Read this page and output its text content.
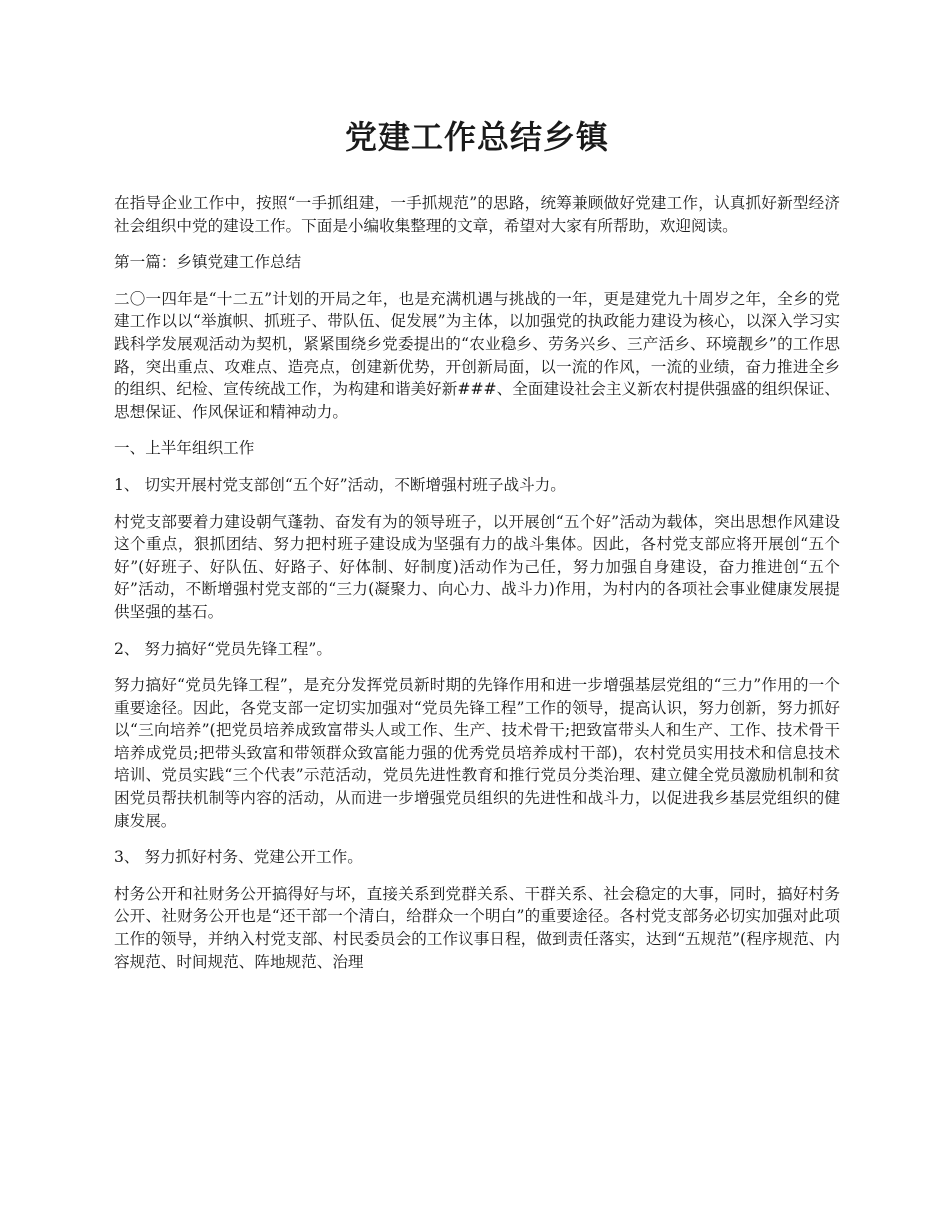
党建工作总结乡镇

在指导企业工作中，按照“一手抓组建，一手抓规范”的思路，统筹兼顾做好党建工作，认真抓好新型经济社会组织中党的建设工作。下面是小编收集整理的文章，希望对大家有所帮助，欢迎阅读。

第一篇：乡镇党建工作总结

二〇一四年是“十二五”计划的开局之年，也是充满机遇与挑战的一年，更是建党九十周岁之年，全乡的党建工作以以“举旗帜、抓班子、带队伍、促发展”为主体，以加强党的执政能力建设为核心，以深入学习实践科学发展观活动为契机，紧紧围绕乡党委提出的“农业稳乡、劳务兴乡、三产活乡、环境靓乡”的工作思路，突出重点、攻难点、造亮点，创建新优势，开创新局面，以一流的作风，一流的业绩，奋力推进全乡的组织、纪检、宣传统战工作，为构建和谐美好新###、全面建设社会主义新农村提供强盛的组织保证、思想保证、作风保证和精神动力。

一、上半年组织工作

1、 切实开展村党支部创“五个好”活动，不断增强村班子战斗力。

村党支部要着力建设朝气蓬勃、奋发有为的领导班子，以开展创“五个好”活动为载体，突出思想作风建设这个重点，狠抓团结、努力把村班子建设成为坚强有力的战斗集体。因此，各村党支部应将开展创“五个好”(好班子、好队伍、好路子、好体制、好制度)活动作为己任，努力加强自身建设，奋力推进创“五个好”活动，不断增强村党支部的“三力(凝聚力、向心力、战斗力)作用，为村内的各项社会事业健康发展提供坚强的基石。

2、 努力搞好“党员先锋工程”。

努力搞好“党员先锋工程”，是充分发挥党员新时期的先锋作用和进一步增强基层党组的“三力”作用的一个重要途径。因此，各党支部一定切实加强对“党员先锋工程”工作的领导，提高认识，努力创新，努力抓好以“三向培养”(把党员培养成致富带头人或工作、生产、技术骨干;把致富带头人和生产、工作、技术骨干培养成党员;把带头致富和带领群众致富能力强的优秀党员培养成村干部)，农村党员实用技术和信息技术培训、党员实践“三个代表”示范活动，党员先进性教育和推行党员分类治理、建立健全党员激励机制和贫困党员帮扶机制等内容的活动，从而进一步增强党员组织的先进性和战斗力，以促进我乡基层党组织的健康发展。

3、 努力抓好村务、党建公开工作。

村务公开和社财务公开搞得好与坏，直接关系到党群关系、干群关系、社会稳定的大事，同时，搞好村务公开、社财务公开也是“还干部一个清白，给群众一个明白”的重要途径。各村党支部务必切实加强对此项工作的领导，并纳入村党支部、村民委员会的工作议事日程，做到责任落实，达到“五规范”(程序规范、内容规范、时间规范、阵地规范、治理
